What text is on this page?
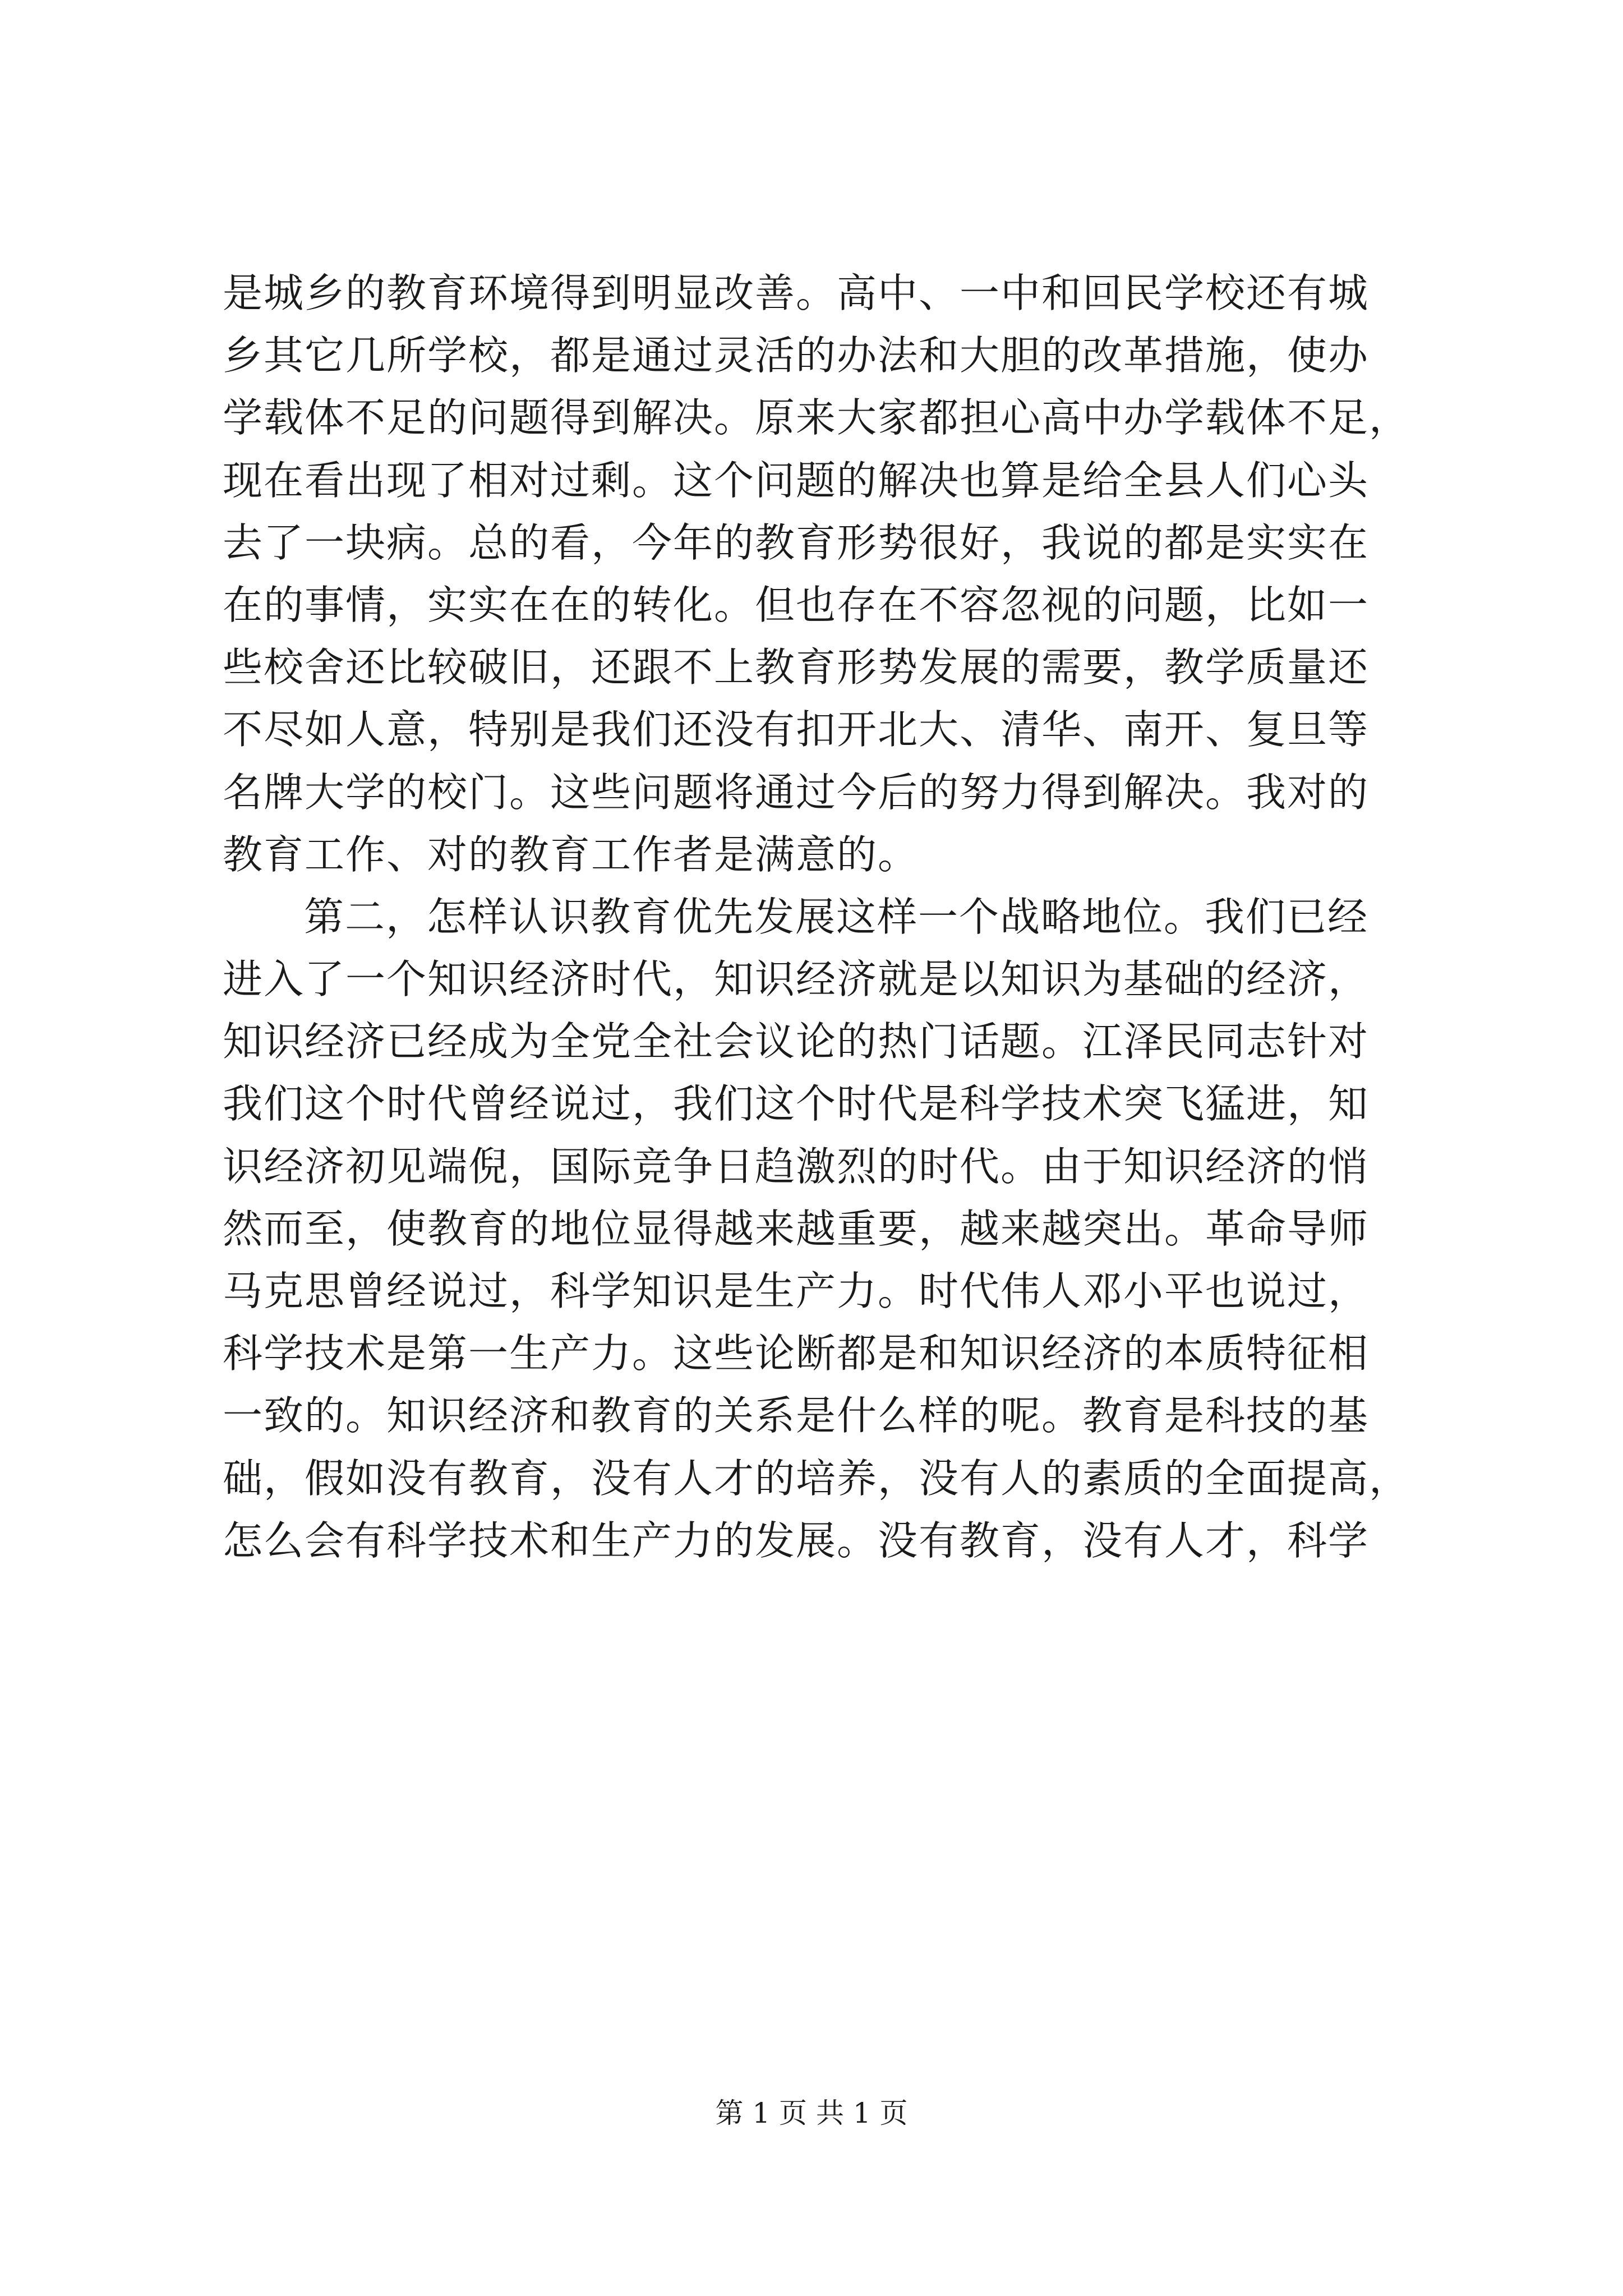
是城乡的教育环境得到明显改善。高中、一中和回民学校还有城
乡其它几所学校，都是通过灵活的办法和大胆的改革措施，使办
学载体不足的问题得到解决。原来大家都担心高中办学载体不足，
现在看出现了相对过剩。这个问题的解决也算是给全县人们心头
去了一块病。总的看，今年的教育形势很好，我说的都是实实在
在的事情，实实在在的转化。但也存在不容忽视的问题，比如一
些校舍还比较破旧，还跟不上教育形势发展的需要，教学质量还
不尽如人意，特别是我们还没有扣开北大、清华、南开、复旦等
名牌大学的校门。这些问题将通过今后的努力得到解决。我对的
教育工作、对的教育工作者是满意的。
第二，怎样认识教育优先发展这样一个战略地位。我们已经
进入了一个知识经济时代，知识经济就是以知识为基础的经济，
知识经济已经成为全党全社会议论的热门话题。江泽民同志针对
我们这个时代曾经说过，我们这个时代是科学技术突飞猛进，知
识经济初见端倪，国际竞争日趋激烈的时代。由于知识经济的悄
然而至，使教育的地位显得越来越重要，越来越突出。革命导师
马克思曾经说过，科学知识是生产力。时代伟人邓小平也说过，
科学技术是第一生产力。这些论断都是和知识经济的本质特征相
一致的。知识经济和教育的关系是什么样的呢。教育是科技的基
础，假如没有教育，没有人才的培养，没有人的素质的全面提高，
怎么会有科学技术和生产力的发展。没有教育，没有人才，科学
第 1 页 共 1 页
